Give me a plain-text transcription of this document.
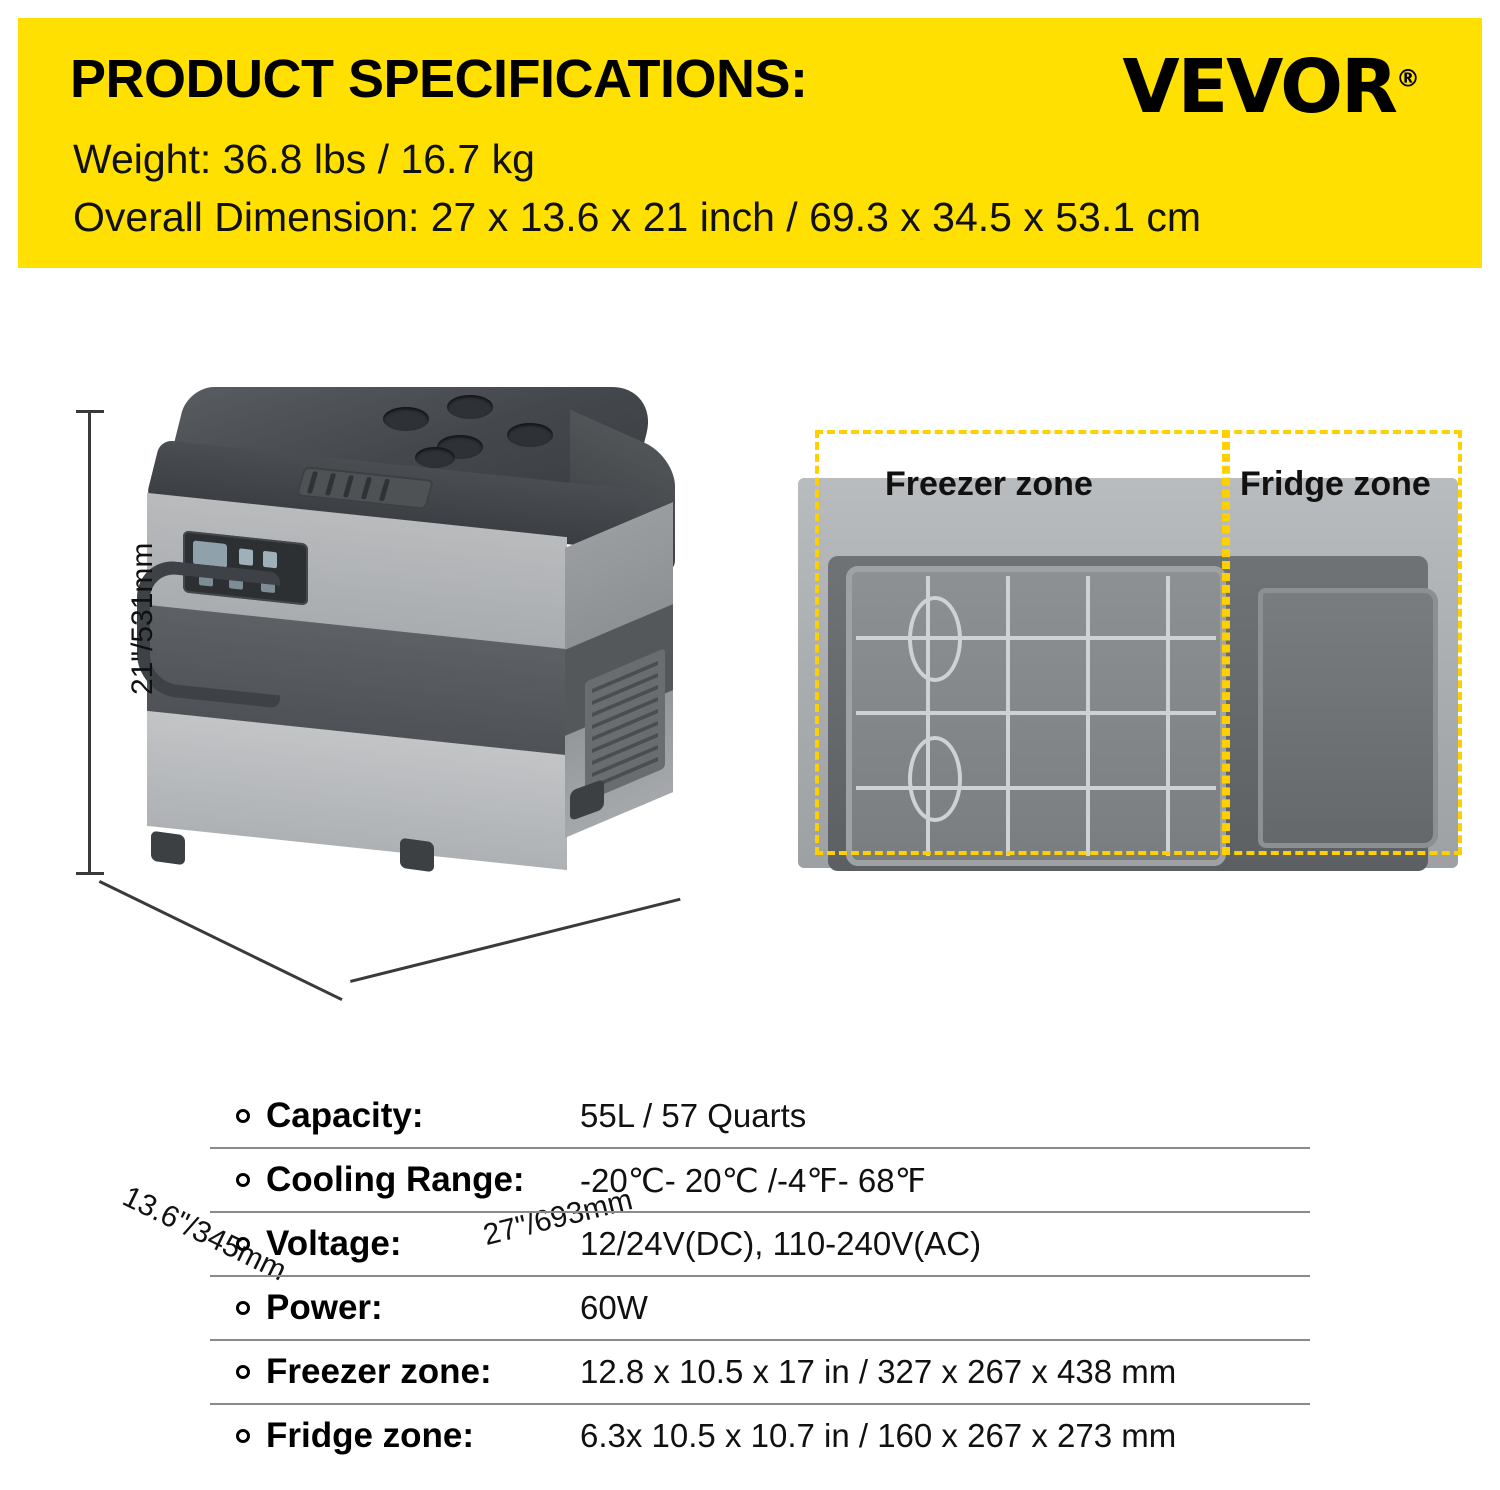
PRODUCT SPECIFICATIONS:
Weight: 36.8 lbs / 16.7 kg
Overall Dimension: 27 x 13.6 x 21 inch / 69.3 x 34.5 x 53.1 cm
VEVOR®
21"/531mm
13.6"/345mm	27"/693mm
Freezer zone	Fridge zone
Capacity:	55L / 57 Quarts
Cooling Range: -20℃- 20℃ /-4℉- 68℉
Voltage:	12/24V(DC), 110-240V(AC)
Power:	60W
Freezer zone:	12.8 x 10.5 x 17 in / 327 x 267 x 438 mm
Fridge zone:	6.3x 10.5 x 10.7 in / 160 x 267 x 273 mm
